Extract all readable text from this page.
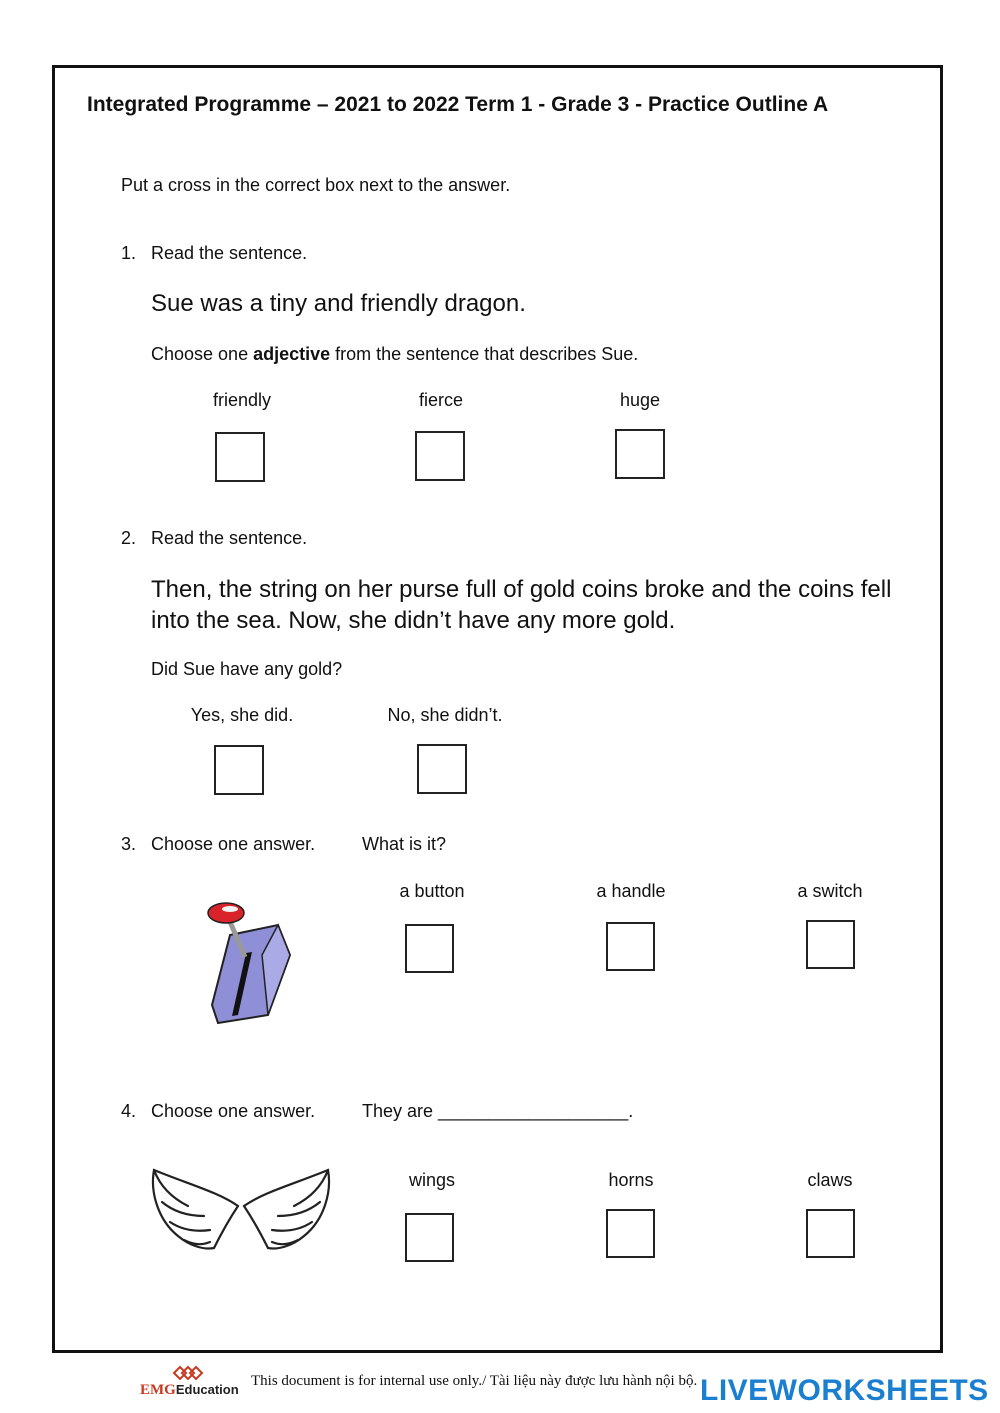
Integrated Programme – 2021 to 2022 Term 1 - Grade 3 - Practice Outline A
Put a cross in the correct box next to the answer.
1. Read the sentence.
Sue was a tiny and friendly dragon.
Choose one adjective from the sentence that describes Sue.
friendly	fierce	huge
2. Read the sentence.
Then, the string on her purse full of gold coins broke and the coins fell into the sea. Now, she didn’t have any more gold.
Did Sue have any gold?
Yes, she did.	No, she didn’t.
3. Choose one answer.	What is it?
a button	a handle	a switch
4. Choose one answer.	They are ___________________.
wings	horns	claws
EMGEducation
This document is for internal use only./ Tài liệu này được lưu hành nội bộ. LIVEWORKSHEETS
